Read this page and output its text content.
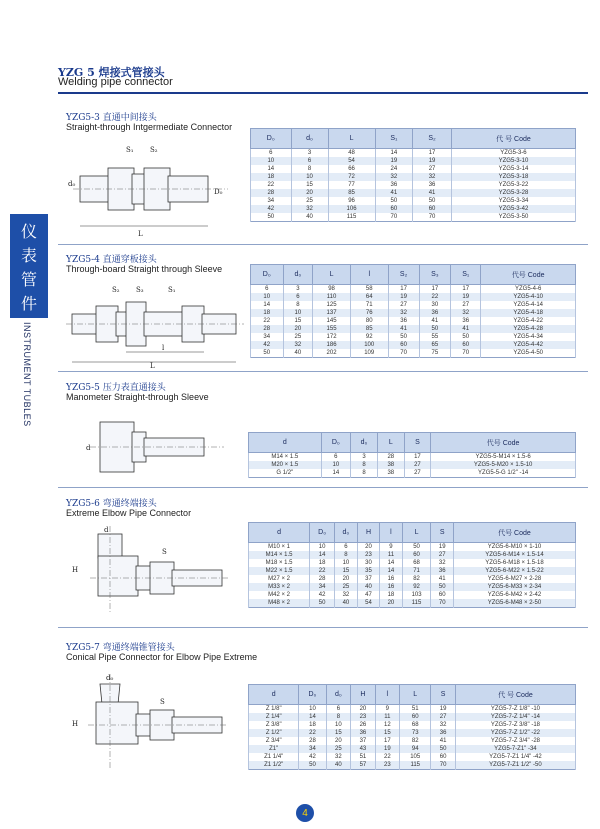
YZG 5 焊接式管接头
Welding pipe connector
仪
表
管
件
INSTRUMENT TUBLES
YZG5-3 直通中间接头
Straight-through Intgermediate Connector
L
S₁ S₂
d₀
D₀
D₀	d₀	L	S₁	S₂	代 号 Code
6	3	48	14	17	YZG5-3-6
10	6	54	19	19	YZG5-3-10
14	8	66	24	27	YZG5-3-14
18	10	72	32	32	YZG5-3-18
22	15	77	36	36	YZG5-3-22
28	20	85	41	41	YZG5-3-28
34	25	96	50	50	YZG5-3-34
42	32	106	60	60	YZG5-3-42
50	40	115	70	70	YZG5-3-50
YZG5-4 直通穿板接头
Through-board Straight through Sleeve
L
l
S₂ S₃	S₁
D₀	d₀	L	l	S₂	S₃	S₁	代号 Code
6	3	98	58	17	17	17	YZG5-4-6
10	6	110	64	19	22	19	YZG5-4-10
14	8	125	71	27	30	27	YZG5-4-14
18	10	137	76	32	36	32	YZG5-4-18
22	15	145	80	36	41	36	YZG5-4-22
28	20	155	85	41	50	41	YZG5-4-28
34	25	172	92	50	55	50	YZG5-4-34
42	32	186	100	60	65	60	YZG5-4-42
50	40	202	109	70	75	70	YZG5-4-50
YZG5-5 压力表直通接头
Manometer Straight-through Sleeve
d
d	D₀	d₀	L	S	代号 Code
M14 × 1.5	6	3	28	17	YZG5-5-M14 × 1.5-6
M20 × 1.5	10	8	38	27	YZG5-5-M20 × 1.5-10
G 1/2"	14	8	38	27	YZG5-5-G 1/2" -14
YZG5-6 弯通终端接头
Extreme Elbow Pipe Connector
H
S
d	d	D₀	d₀	H	l	L	S	代号 Code
M10 × 1	10	6	20	9	50	19	YZG5-6-M10 × 1-10
M14 × 1.5	14	8	23	11	60	27	YZG5-6-M14 × 1.5-14
M18 × 1.5	18	10	30	14	68	32	YZG5-6-M18 × 1.5-18
M22 × 1.5	22	15	35	14	71	36	YZG5-6-M22 × 1.5-22
M27 × 2	28	20	37	16	82	41	YZG5-6-M27 × 2-28
M33 × 2	34	25	40	16	92	50	YZG5-6-M33 × 2-34
M42 × 2	42	32	47	18	103	60	YZG5-6-M42 × 2-42
M48 × 2	50	40	54	20	115	70	YZG5-6-M48 × 2-50
YZG5-7 弯通终端锥管接头
Conical Pipe Connector for Elbow Pipe Extreme
H
d₀
S
d	D₀	d₀	H	l	L	S	代 号 Code
Z 1/8"	10	6	20	9	51	19	YZG5-7-Z 1/8" -10
Z 1/4"	14	8	23	11	60	27	YZG5-7-Z 1/4" -14
Z 3/8"	18	10	26	12	68	32	YZG5-7-Z 3/8" -18
Z 1/2"	22	15	36	15	73	36	YZG5-7-Z 1/2" -22
Z 3/4"	28	20	37	17	82	41	YZG5-7-Z 3/4" -28
Z1"	34	25	43	19	94	50	YZG5-7-Z1" -34
Z1 1/4"	42	32	51	22	105	60	YZG5-7-Z1 1/4" -42
Z1 1/2"	50	40	57	23	115	70	YZG5-7-Z1 1/2" -50
4
